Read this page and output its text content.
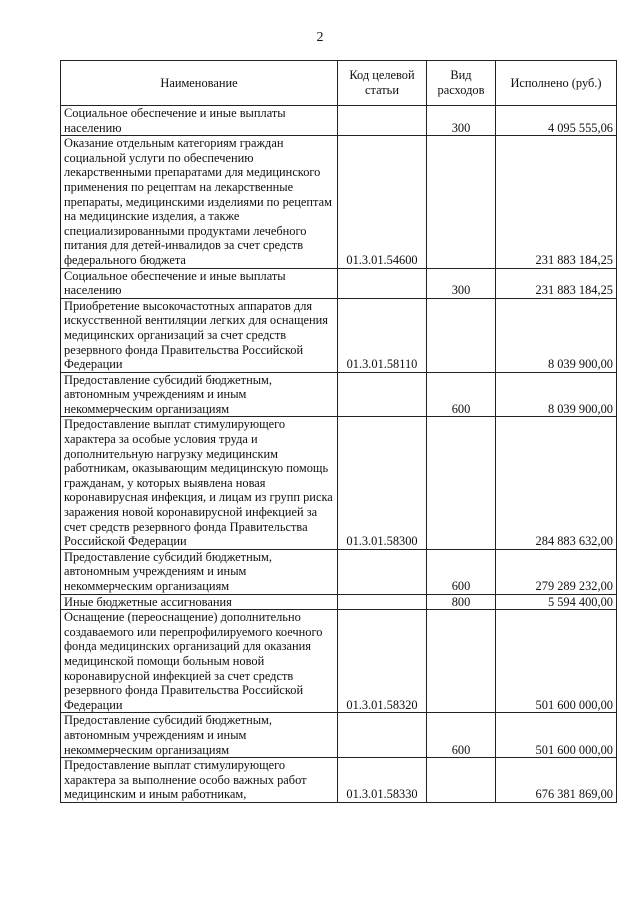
2
Наименование	Код целевой статьи	Вид расходов	Исполнено (руб.)
Социальное обеспечение и иные выплаты населению		300	4 095 555,06
Оказание отдельным категориям граждан социальной услуги по обеспечению лекарственными препаратами для медицинского применения по рецептам на лекарственные препараты, медицинскими изделиями по рецептам на медицинские изделия, а также специализированными продуктами лечебного питания для детей-инвалидов за счет средств федерального бюджета	01.3.01.54600		231 883 184,25
Социальное обеспечение и иные выплаты населению		300	231 883 184,25
Приобретение высокочастотных аппаратов для искусственной вентиляции легких для оснащения медицинских организаций за счет средств резервного фонда Правительства Российской Федерации	01.3.01.58110		8 039 900,00
Предоставление субсидий бюджетным, автономным учреждениям и иным некоммерческим организациям		600	8 039 900,00
Предоставление выплат стимулирующего характера за особые условия труда и дополнительную нагрузку медицинским работникам, оказывающим медицинскую помощь гражданам, у которых выявлена новая коронавирусная инфекция, и лицам из групп риска заражения новой коронавирусной инфекцией за счет средств резервного фонда Правительства Российской Федерации	01.3.01.58300		284 883 632,00
Предоставление субсидий бюджетным, автономным учреждениям и иным некоммерческим организациям		600	279 289 232,00
Иные бюджетные ассигнования		800	5 594 400,00
Оснащение (переоснащение) дополнительно создаваемого или перепрофилируемого коечного фонда медицинских организаций для оказания медицинской помощи больным новой коронавирусной инфекцией за счет средств резервного фонда Правительства Российской Федерации	01.3.01.58320		501 600 000,00
Предоставление субсидий бюджетным, автономным учреждениям и иным некоммерческим организациям		600	501 600 000,00
Предоставление выплат стимулирующего характера за выполнение особо важных работ медицинским и иным работникам,	01.3.01.58330		676 381 869,00
